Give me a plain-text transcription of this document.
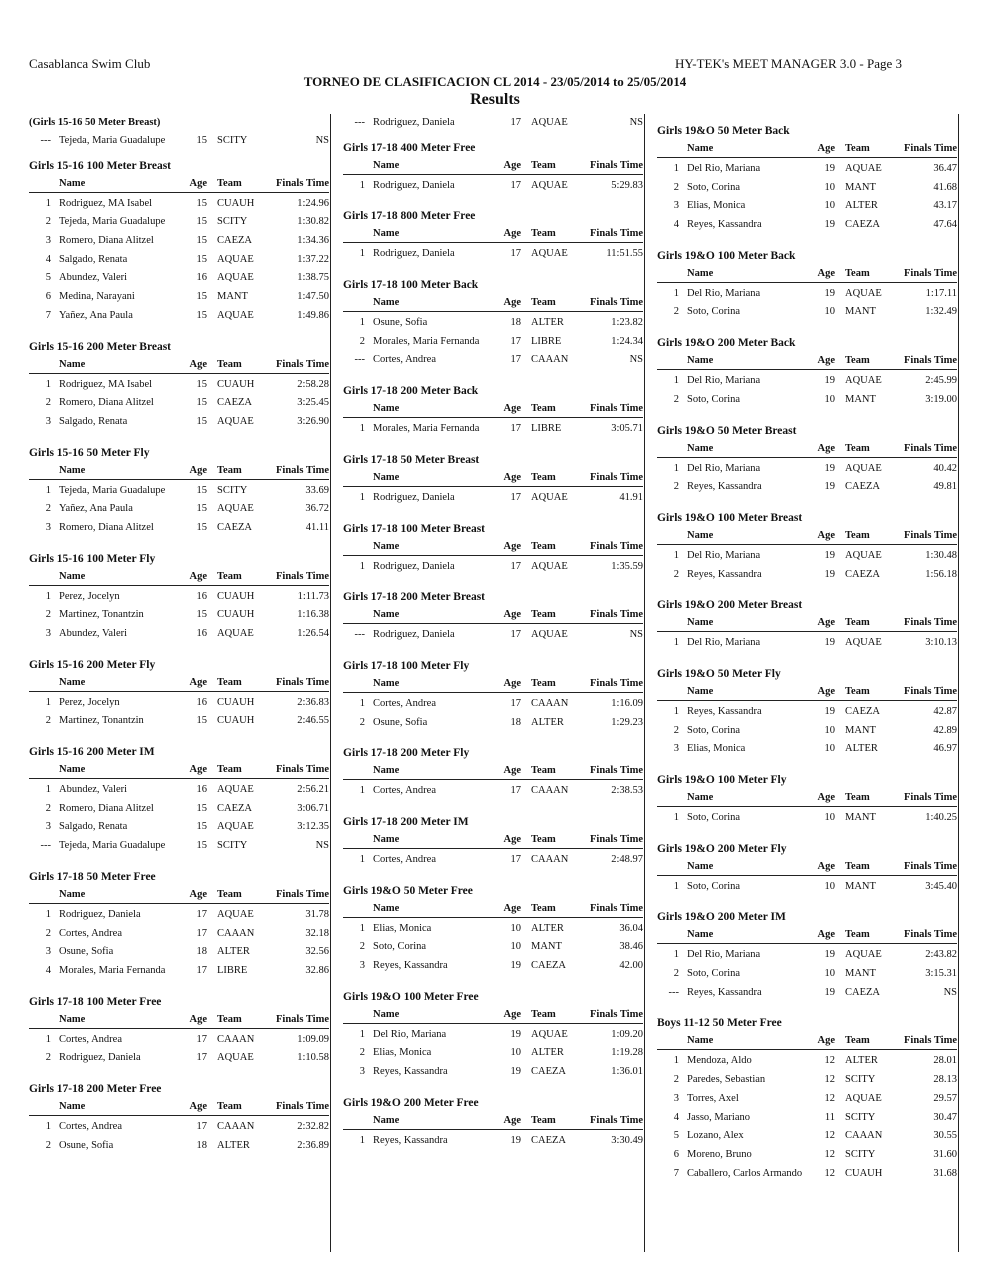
Casablanca Swim Club	HY-TEK's MEET MANAGER 3.0 - Page 3
TORNEO DE CLASIFICACION CL 2014 - 23/05/2014 to 25/05/2014
Results
(Girls 15-16 50 Meter Breast)
--- Tejeda, Maria Guadalupe	15 SCITY	NS
Girls 15-16 100 Meter Breast
Name	Age Team	Finals Time
1 Rodriguez, MA Isabel	15 CUAUH	1:24.96
2 Tejeda, Maria Guadalupe	15 SCITY	1:30.82
3 Romero, Diana Alitzel	15 CAEZA	1:34.36
4 Salgado, Renata	15 AQUAE	1:37.22
5 Abundez, Valeri	16 AQUAE	1:38.75
6 Medina, Narayani	15 MANT	1:47.50
7 Yañez, Ana Paula	15 AQUAE	1:49.86
Girls 15-16 200 Meter Breast
Name	Age Team	Finals Time
1 Rodriguez, MA Isabel	15 CUAUH	2:58.28
2 Romero, Diana Alitzel	15 CAEZA	3:25.45
3 Salgado, Renata	15 AQUAE	3:26.90
Girls 15-16 50 Meter Fly
Name	Age Team	Finals Time
1 Tejeda, Maria Guadalupe	15 SCITY	33.69
2 Yañez, Ana Paula	15 AQUAE	36.72
3 Romero, Diana Alitzel	15 CAEZA	41.11
Girls 15-16 100 Meter Fly
Name	Age Team	Finals Time
1 Perez, Jocelyn	16 CUAUH	1:11.73
2 Martinez, Tonantzin	15 CUAUH	1:16.38
3 Abundez, Valeri	16 AQUAE	1:26.54
Girls 15-16 200 Meter Fly
Name	Age Team	Finals Time
1 Perez, Jocelyn	16 CUAUH	2:36.83
2 Martinez, Tonantzin	15 CUAUH	2:46.55
Girls 15-16 200 Meter IM
Name	Age Team	Finals Time
1 Abundez, Valeri	16 AQUAE	2:56.21
2 Romero, Diana Alitzel	15 CAEZA	3:06.71
3 Salgado, Renata	15 AQUAE	3:12.35
--- Tejeda, Maria Guadalupe	15 SCITY	NS
Girls 17-18 50 Meter Free
Name	Age Team	Finals Time
1 Rodriguez, Daniela	17 AQUAE	31.78
2 Cortes, Andrea	17 CAAAN	32.18
3 Osune, Sofia	18 ALTER	32.56
4 Morales, Maria Fernanda	17 LIBRE	32.86
Girls 17-18 100 Meter Free
Name	Age Team	Finals Time
1 Cortes, Andrea	17 CAAAN	1:09.09
2 Rodriguez, Daniela	17 AQUAE	1:10.58
Girls 17-18 200 Meter Free
Name	Age Team	Finals Time
1 Cortes, Andrea	17 CAAAN	2:32.82
2 Osune, Sofia	18 ALTER	2:36.89
--- Rodriguez, Daniela	17 AQUAE	NS
Girls 17-18 400 Meter Free
Name	Age Team	Finals Time
1 Rodriguez, Daniela	17 AQUAE	5:29.83
Girls 17-18 800 Meter Free
Name	Age Team	Finals Time
1 Rodriguez, Daniela	17 AQUAE	11:51.55
Girls 17-18 100 Meter Back
Name	Age Team	Finals Time
1 Osune, Sofia	18 ALTER	1:23.82
2 Morales, Maria Fernanda	17 LIBRE	1:24.34
--- Cortes, Andrea	17 CAAAN	NS
Girls 17-18 200 Meter Back
Name	Age Team	Finals Time
1 Morales, Maria Fernanda	17 LIBRE	3:05.71
Girls 17-18 50 Meter Breast
Name	Age Team	Finals Time
1 Rodriguez, Daniela	17 AQUAE	41.91
Girls 17-18 100 Meter Breast
Name	Age Team	Finals Time
1 Rodriguez, Daniela	17 AQUAE	1:35.59
Girls 17-18 200 Meter Breast
Name	Age Team	Finals Time
--- Rodriguez, Daniela	17 AQUAE	NS
Girls 17-18 100 Meter Fly
Name	Age Team	Finals Time
1 Cortes, Andrea	17 CAAAN	1:16.09
2 Osune, Sofia	18 ALTER	1:29.23
Girls 17-18 200 Meter Fly
Name	Age Team	Finals Time
1 Cortes, Andrea	17 CAAAN	2:38.53
Girls 17-18 200 Meter IM
Name	Age Team	Finals Time
1 Cortes, Andrea	17 CAAAN	2:48.97
Girls 19&O 50 Meter Free
Name	Age Team	Finals Time
1 Elias, Monica	10 ALTER	36.04
2 Soto, Corina	10 MANT	38.46
3 Reyes, Kassandra	19 CAEZA	42.00
Girls 19&O 100 Meter Free
Name	Age Team	Finals Time
1 Del Rio, Mariana	19 AQUAE	1:09.20
2 Elias, Monica	10 ALTER	1:19.28
3 Reyes, Kassandra	19 CAEZA	1:36.01
Girls 19&O 200 Meter Free
Name	Age Team	Finals Time
1 Reyes, Kassandra	19 CAEZA	3:30.49
Girls 19&O 50 Meter Back
Name	Age Team	Finals Time
1 Del Rio, Mariana	19 AQUAE	36.47
2 Soto, Corina	10 MANT	41.68
3 Elias, Monica	10 ALTER	43.17
4 Reyes, Kassandra	19 CAEZA	47.64
Girls 19&O 100 Meter Back
Name	Age Team	Finals Time
1 Del Rio, Mariana	19 AQUAE	1:17.11
2 Soto, Corina	10 MANT	1:32.49
Girls 19&O 200 Meter Back
Name	Age Team	Finals Time
1 Del Rio, Mariana	19 AQUAE	2:45.99
2 Soto, Corina	10 MANT	3:19.00
Girls 19&O 50 Meter Breast
Name	Age Team	Finals Time
1 Del Rio, Mariana	19 AQUAE	40.42
2 Reyes, Kassandra	19 CAEZA	49.81
Girls 19&O 100 Meter Breast
Name	Age Team	Finals Time
1 Del Rio, Mariana	19 AQUAE	1:30.48
2 Reyes, Kassandra	19 CAEZA	1:56.18
Girls 19&O 200 Meter Breast
Name	Age Team	Finals Time
1 Del Rio, Mariana	19 AQUAE	3:10.13
Girls 19&O 50 Meter Fly
Name	Age Team	Finals Time
1 Reyes, Kassandra	19 CAEZA	42.87
2 Soto, Corina	10 MANT	42.89
3 Elias, Monica	10 ALTER	46.97
Girls 19&O 100 Meter Fly
Name	Age Team	Finals Time
1 Soto, Corina	10 MANT	1:40.25
Girls 19&O 200 Meter Fly
Name	Age Team	Finals Time
1 Soto, Corina	10 MANT	3:45.40
Girls 19&O 200 Meter IM
Name	Age Team	Finals Time
1 Del Rio, Mariana	19 AQUAE	2:43.82
2 Soto, Corina	10 MANT	3:15.31
--- Reyes, Kassandra	19 CAEZA	NS
Boys 11-12 50 Meter Free
Name	Age Team	Finals Time
1 Mendoza, Aldo	12 ALTER	28.01
2 Paredes, Sebastian	12 SCITY	28.13
3 Torres, Axel	12 AQUAE	29.57
4 Jasso, Mariano	11 SCITY	30.47
5 Lozano, Alex	12 CAAAN	30.55
6 Moreno, Bruno	12 SCITY	31.60
7 Caballero, Carlos Armando	12 CUAUH	31.68
